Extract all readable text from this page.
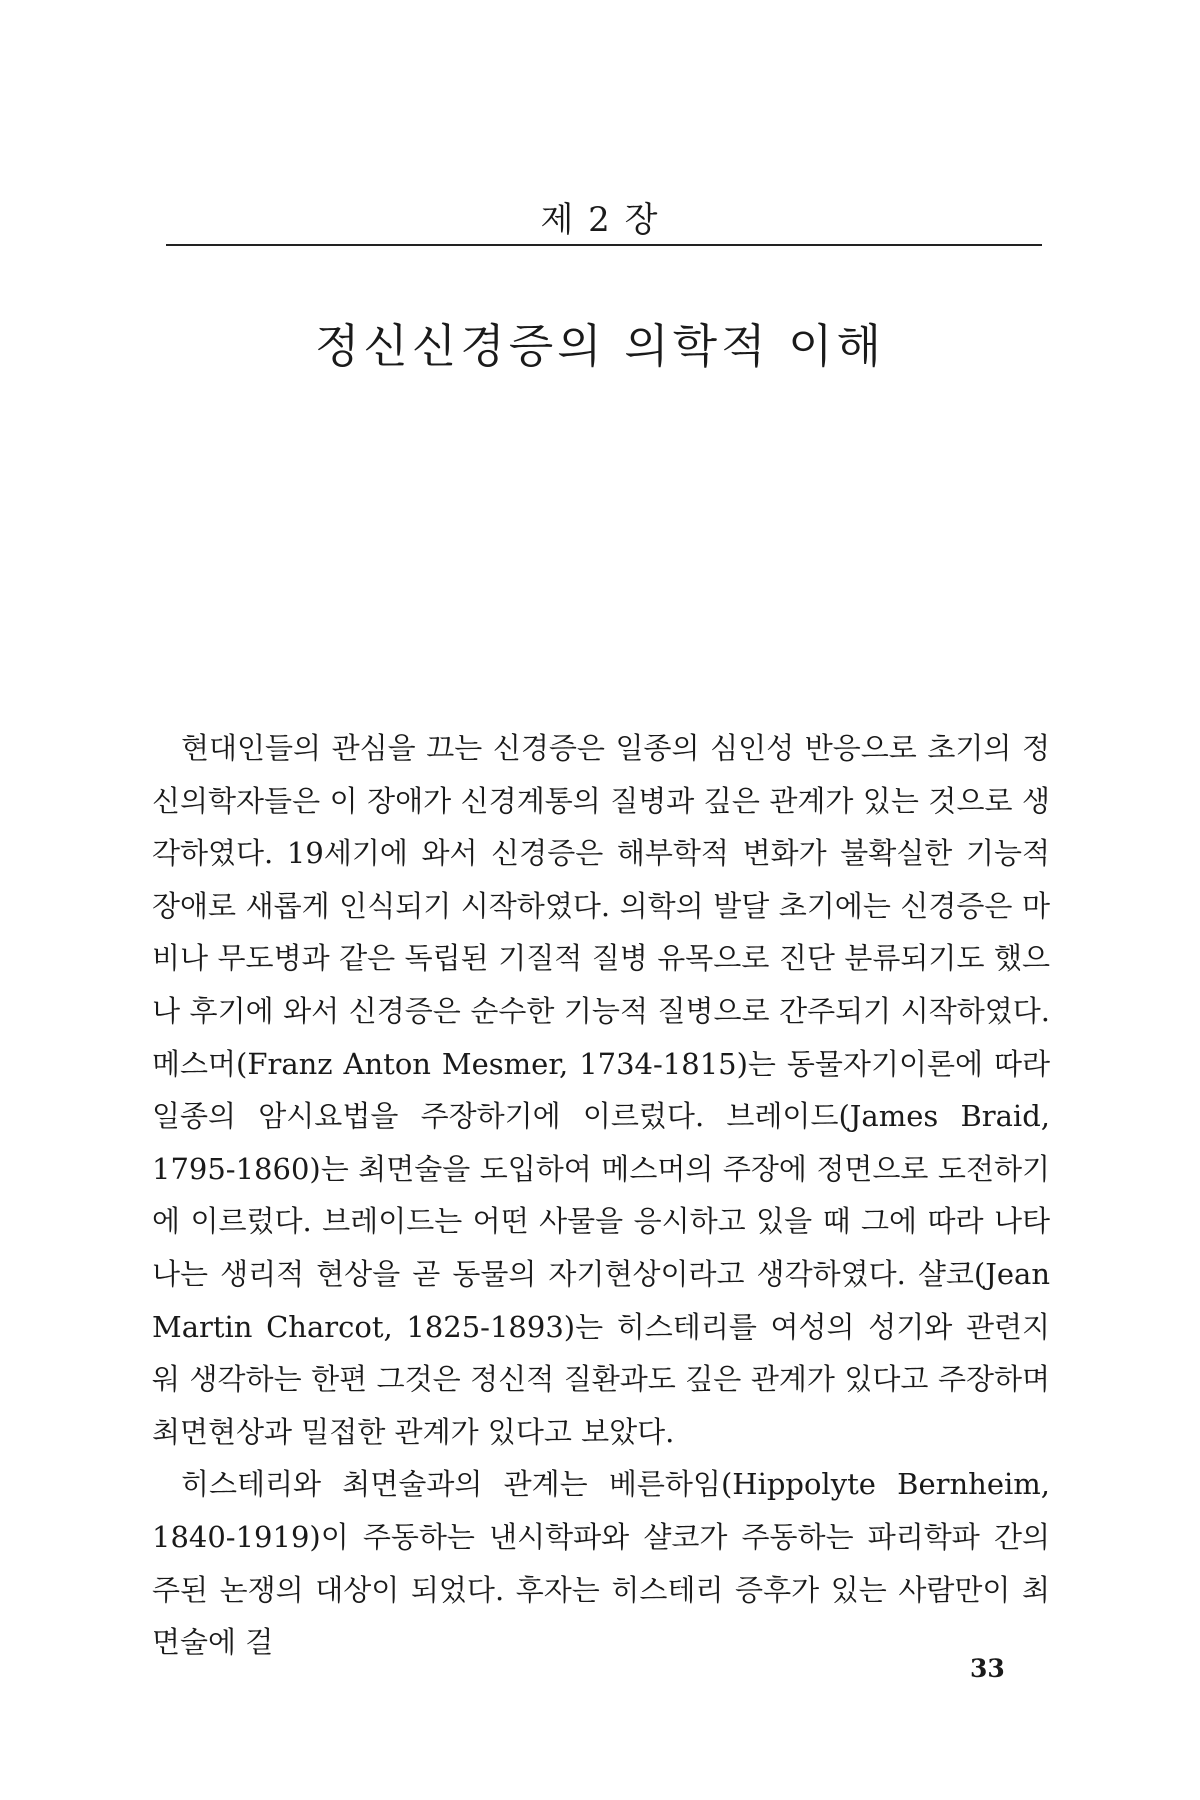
제 2 장
정신신경증의 의학적 이해

현대인들의 관심을 끄는 신경증은 일종의 심인성 반응으로 초기의 정신의학자들은 이 장애가 신경계통의 질병과 깊은 관계가 있는 것으로 생각하였다. 19세기에 와서 신경증은 해부학적 변화가 불확실한 기능적 장애로 새롭게 인식되기 시작하였다. 의학의 발달 초기에는 신경증은 마비나 무도병과 같은 독립된 기질적 질병 유목으로 진단 분류되기도 했으나 후기에 와서 신경증은 순수한 기능적 질병으로 간주되기 시작하였다. 메스머(Franz Anton Mesmer, 1734-1815)는 동물자기이론에 따라 일종의 암시요법을 주장하기에 이르렀다. 브레이드(James Braid, 1795-1860)는 최면술을 도입하여 메스머의 주장에 정면으로 도전하기에 이르렀다. 브레이드는 어떤 사물을 응시하고 있을 때 그에 따라 나타나는 생리적 현상을 곧 동물의 자기현상이라고 생각하였다. 샬코(Jean Martin Charcot, 1825-1893)는 히스테리를 여성의 성기와 관련지워 생각하는 한편 그것은 정신적 질환과도 깊은 관계가 있다고 주장하며 최면현상과 밀접한 관계가 있다고 보았다.

히스테리와 최면술과의 관계는 베른하임(Hippolyte Bernheim, 1840-1919)이 주동하는 낸시학파와 샬코가 주동하는 파리학파 간의 주된 논쟁의 대상이 되었다. 후자는 히스테리 증후가 있는 사람만이 최면술에 걸

33
